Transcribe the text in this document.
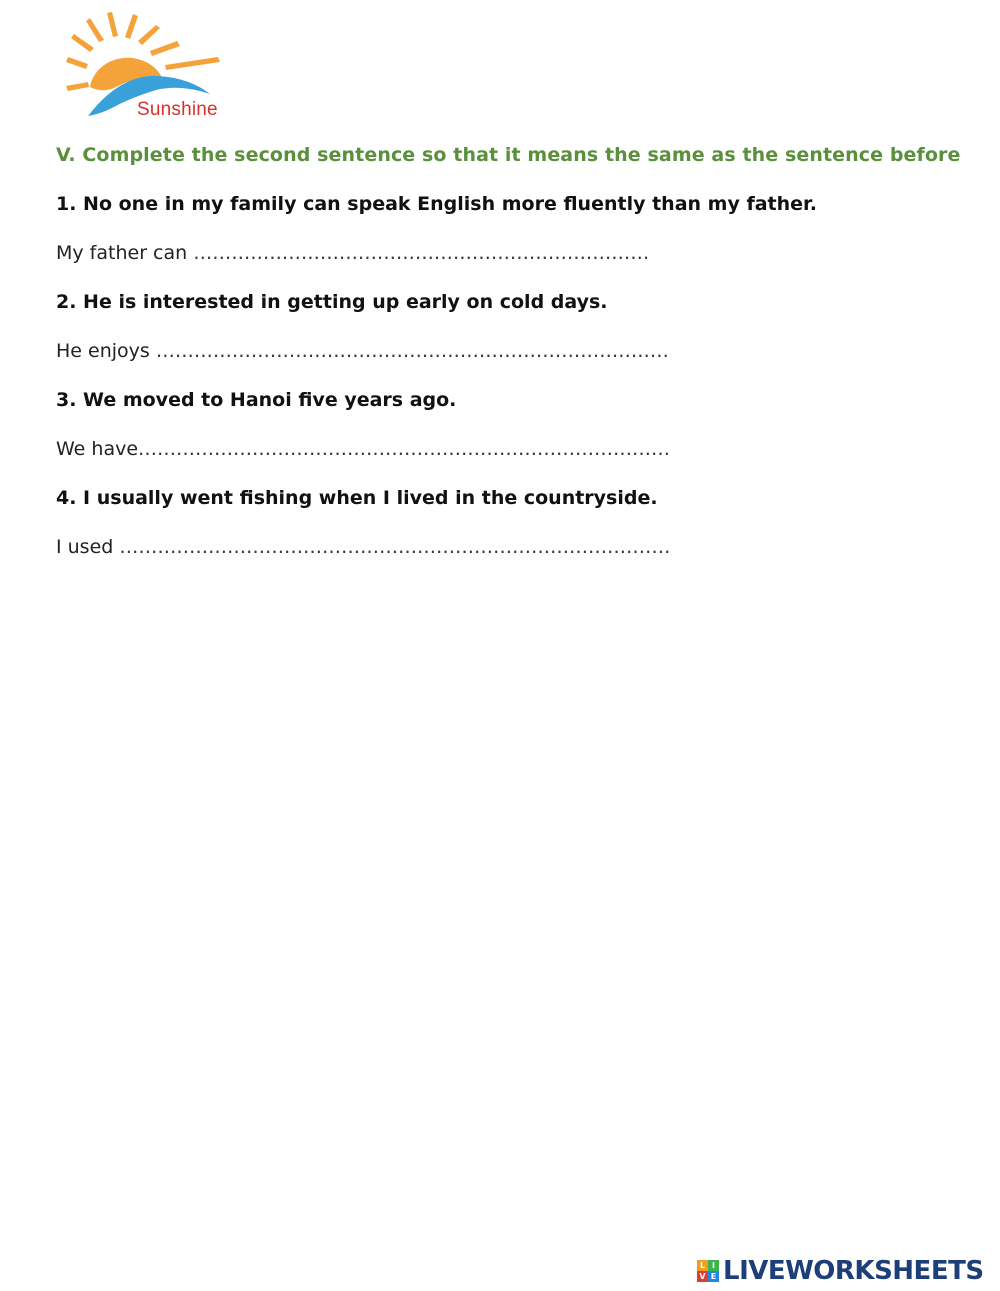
Sunshine
V. Complete the second sentence so that it means the same as the sentence before
1. No one in my family can speak English more fluently than my father.
My father can ………………………………………………………………
2. He is interested in getting up early on cold days.
He enjoys ………………………………………………………………………
3. We moved to Hanoi five years ago.
We have…………………………………………………………………………
4. I usually went fishing when I lived in the countryside.
I used ……………………………………………………………………………
L I
V E LIVEWORKSHEETS
